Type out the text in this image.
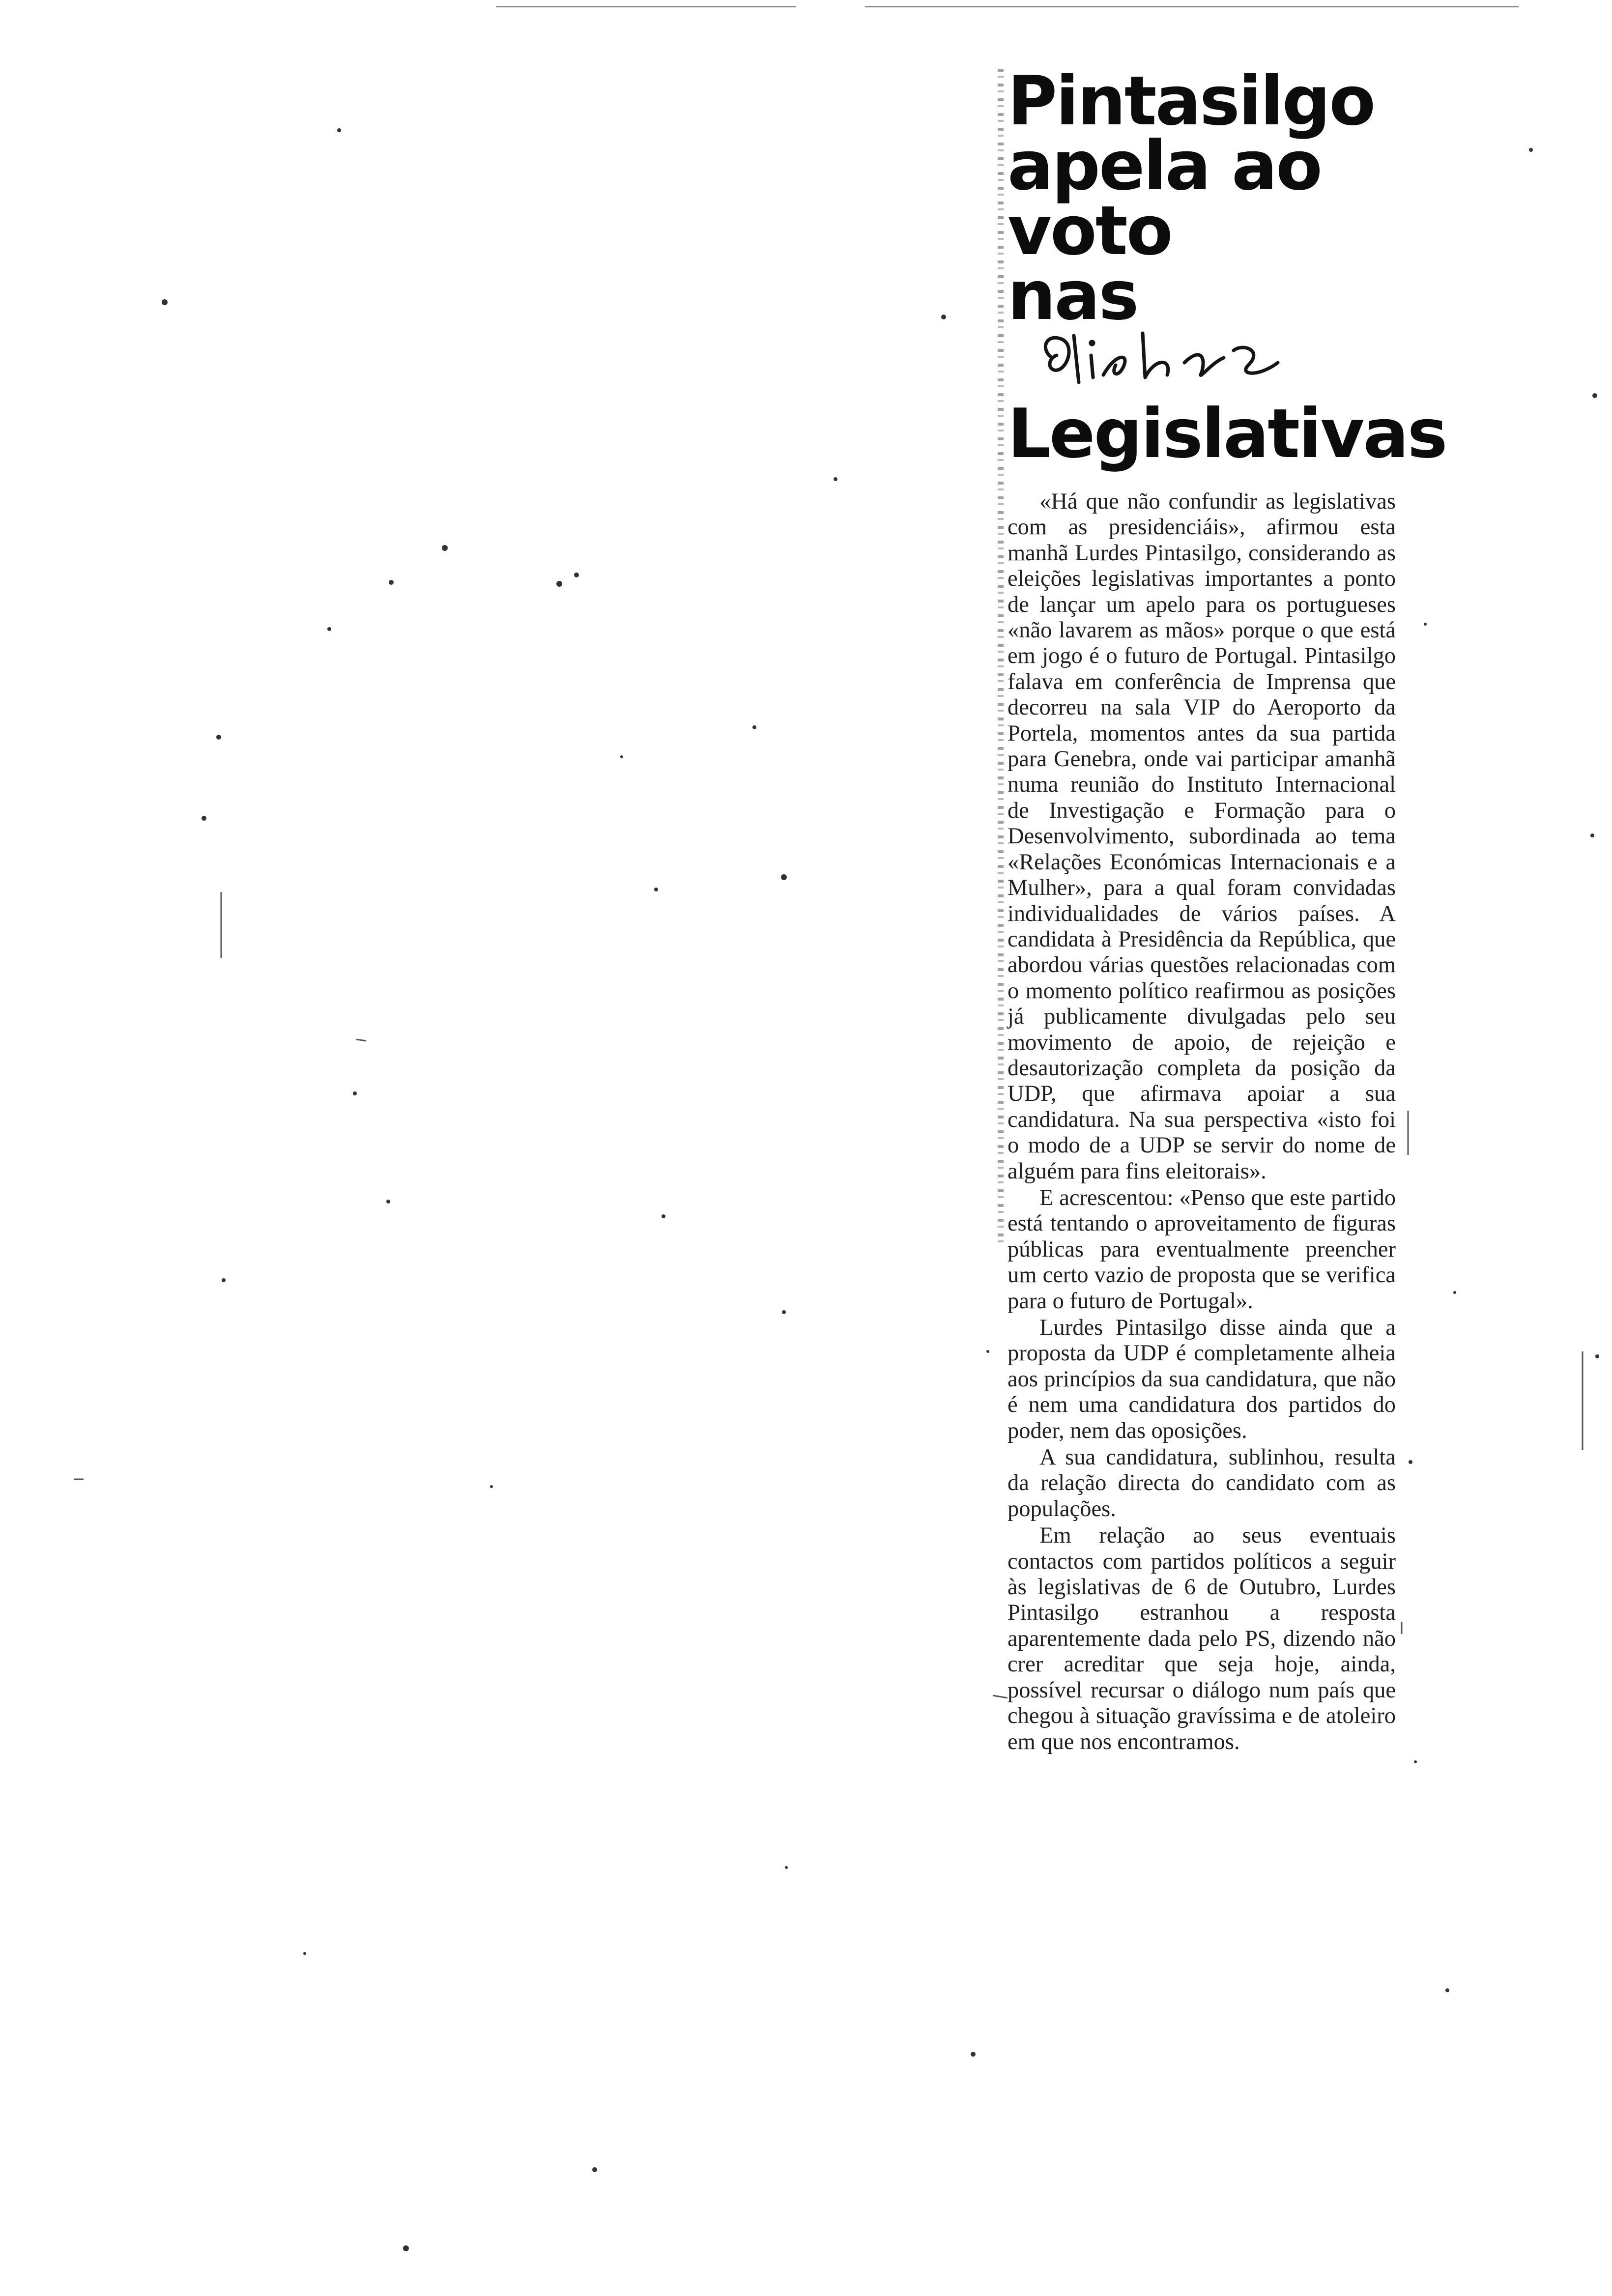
Pintasilgo
apela ao voto
nas
Legislativas

«Há que não confundir as legislativas com as presidenciáis», afirmou esta manhã Lurdes Pintasilgo, considerando as eleições legislativas importantes a ponto de lançar um apelo para os portugueses «não lavarem as mãos» porque o que está em jogo é o futuro de Portugal. Pintasilgo falava em conferência de Imprensa que decorreu na sala VIP do Aeroporto da Portela, momentos antes da sua partida para Genebra, onde vai participar amanhã numa reunião do Instituto Internacional de Investigação e Formação para o Desenvolvimento, subordinada ao tema «Relações Económicas Internacionais e a Mulher», para a qual foram convidadas individualidades de vários países. A candidata à Presidência da República, que abordou várias questões relacionadas com o momento político reafirmou as posições já publicamente divulgadas pelo seu movimento de apoio, de rejeição e desautorização completa da posição da UDP, que afirmava apoiar a sua candidatura. Na sua perspectiva «isto foi o modo de a UDP se servir do nome de alguém para fins eleitorais».

E acrescentou: «Penso que este partido está tentando o aproveitamento de figuras públicas para eventualmente preencher um certo vazio de proposta que se verifica para o futuro de Portugal».

Lurdes Pintasilgo disse ainda que a proposta da UDP é completamente alheia aos princípios da sua candidatura, que não é nem uma candidatura dos partidos do poder, nem das oposições.

A sua candidatura, sublinhou, resulta da relação directa do candidato com as populações.

Em relação ao seus eventuais contactos com partidos políticos a seguir às legislativas de 6 de Outubro, Lurdes Pintasilgo estranhou a resposta aparentemente dada pelo PS, dizendo não crer acreditar que seja hoje, ainda, possível recursar o diálogo num país que chegou à situação gravíssima e de atoleiro em que nos encontramos.
